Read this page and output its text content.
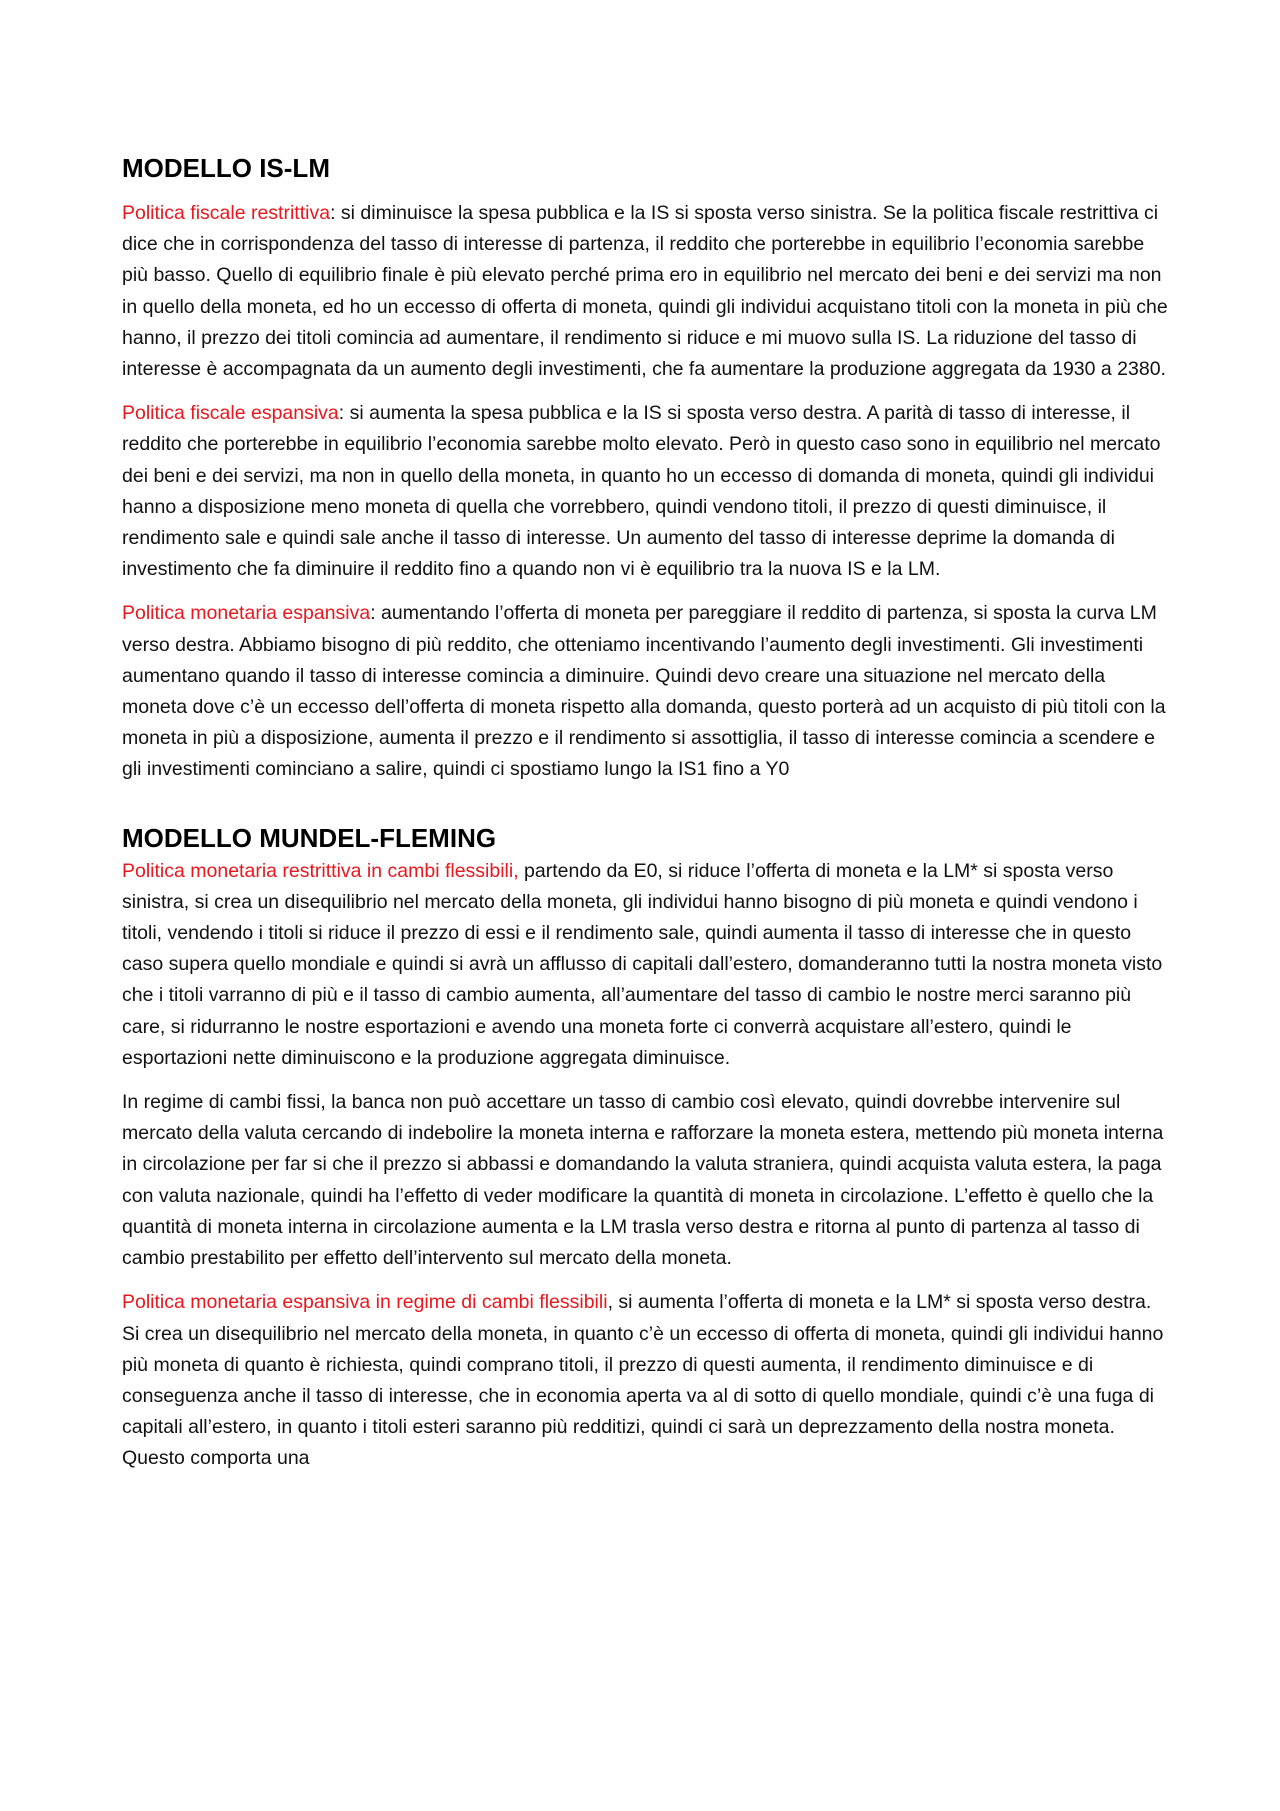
MODELLO IS-LM

Politica fiscale restrittiva: si diminuisce la spesa pubblica e la IS si sposta verso sinistra. Se la politica fiscale restrittiva ci dice che in corrispondenza del tasso di interesse di partenza, il reddito che porterebbe in equilibrio l’economia sarebbe più basso. Quello di equilibrio finale è più elevato perché prima ero in equilibrio nel mercato dei beni e dei servizi ma non in quello della moneta, ed ho un eccesso di offerta di moneta, quindi gli individui acquistano titoli con la moneta in più che hanno, il prezzo dei titoli comincia ad aumentare, il rendimento si riduce e mi muovo sulla IS. La riduzione del tasso di interesse è accompagnata da un aumento degli investimenti, che fa aumentare la produzione aggregata da 1930 a 2380.

Politica fiscale espansiva: si aumenta la spesa pubblica e la IS si sposta verso destra. A parità di tasso di interesse, il reddito che porterebbe in equilibrio l’economia sarebbe molto elevato. Però in questo caso sono in equilibrio nel mercato dei beni e dei servizi, ma non in quello della moneta, in quanto ho un eccesso di domanda di moneta, quindi gli individui hanno a disposizione meno moneta di quella che vorrebbero, quindi vendono titoli, il prezzo di questi diminuisce, il rendimento sale e quindi sale anche il tasso di interesse. Un aumento del tasso di interesse deprime la domanda di investimento che fa diminuire il reddito fino a quando non vi è equilibrio tra la nuova IS e la LM.

Politica monetaria espansiva: aumentando l’offerta di moneta per pareggiare il reddito di partenza, si sposta la curva LM verso destra. Abbiamo bisogno di più reddito, che otteniamo incentivando l’aumento degli investimenti. Gli investimenti aumentano quando il tasso di interesse comincia a diminuire. Quindi devo creare una situazione nel mercato della moneta dove c’è un eccesso dell’offerta di moneta rispetto alla domanda, questo porterà ad un acquisto di più titoli con la moneta in più a disposizione, aumenta il prezzo e il rendimento si assottiglia, il tasso di interesse comincia a scendere e gli investimenti cominciano a salire, quindi ci spostiamo lungo la IS1 fino a Y0

MODELLO MUNDEL-FLEMING

Politica monetaria restrittiva in cambi flessibili, partendo da E0, si riduce l’offerta di moneta e la LM* si sposta verso sinistra, si crea un disequilibrio nel mercato della moneta, gli individui hanno bisogno di più moneta e quindi vendono i titoli, vendendo i titoli si riduce il prezzo di essi e il rendimento sale, quindi aumenta il tasso di interesse che in questo caso supera quello mondiale e quindi si avrà un afflusso di capitali dall’estero, domanderanno tutti la nostra moneta visto che i titoli varranno di più e il tasso di cambio aumenta, all’aumentare del tasso di cambio le nostre merci saranno più care, si ridurranno le nostre esportazioni e avendo una moneta forte ci converrà acquistare all’estero, quindi le esportazioni nette diminuiscono e la produzione aggregata diminuisce.

In regime di cambi fissi, la banca non può accettare un tasso di cambio così elevato, quindi dovrebbe intervenire sul mercato della valuta cercando di indebolire la moneta interna e rafforzare la moneta estera, mettendo più moneta interna in circolazione per far si che il prezzo si abbassi e domandando la valuta straniera, quindi acquista valuta estera, la paga con valuta nazionale, quindi ha l’effetto di veder modificare la quantità di moneta in circolazione. L’effetto è quello che la quantità di moneta interna in circolazione aumenta e la LM trasla verso destra e ritorna al punto di partenza al tasso di cambio prestabilito per effetto dell’intervento sul mercato della moneta.

Politica monetaria espansiva in regime di cambi flessibili, si aumenta l’offerta di moneta e la LM* si sposta verso destra. Si crea un disequilibrio nel mercato della moneta, in quanto c’è un eccesso di offerta di moneta, quindi gli individui hanno più moneta di quanto è richiesta, quindi comprano titoli, il prezzo di questi aumenta, il rendimento diminuisce e di conseguenza anche il tasso di interesse, che in economia aperta va al di sotto di quello mondiale, quindi c’è una fuga di capitali all’estero, in quanto i titoli esteri saranno più redditizi, quindi ci sarà un deprezzamento della nostra moneta. Questo comporta una
